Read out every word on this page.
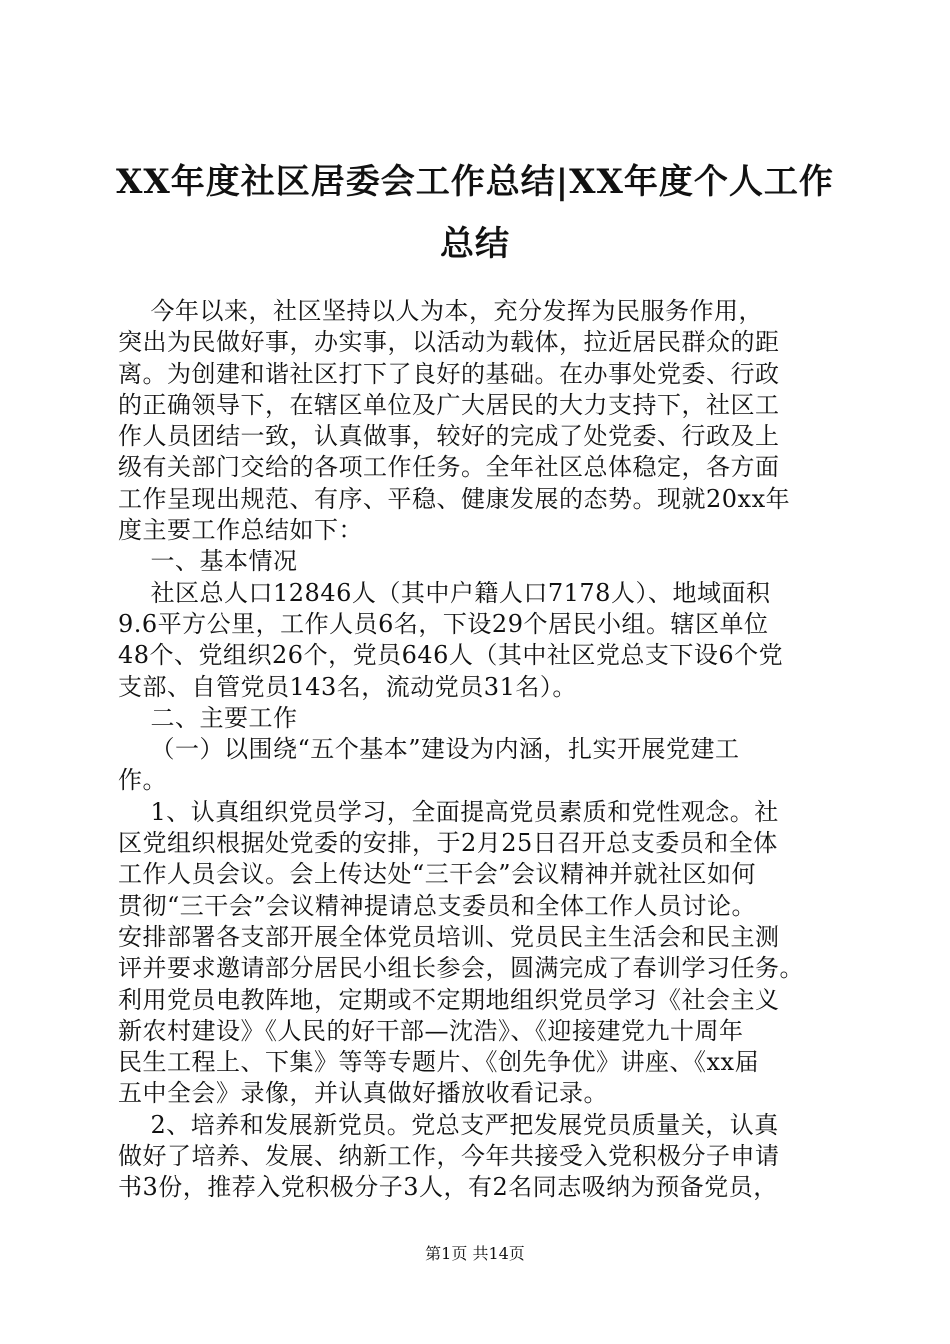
XX年度社区居委会工作总结|XX年度个人工作
总结
今年以来，社区坚持以人为本，充分发挥为民服务作用，
突出为民做好事，办实事，以活动为载体，拉近居民群众的距
离。为创建和谐社区打下了良好的基础。在办事处党委、行政
的正确领导下，在辖区单位及广大居民的大力支持下，社区工
作人员团结一致，认真做事，较好的完成了处党委、行政及上
级有关部门交给的各项工作任务。全年社区总体稳定，各方面
工作呈现出规范、有序、平稳、健康发展的态势。现就20xx年
度主要工作总结如下：
一、基本情况
社区总人口12846人（其中户籍人口7178人）、地域面积
9.6平方公里，工作人员6名，下设29个居民小组。辖区单位
48个、党组织26个，党员646人（其中社区党总支下设6个党
支部、自管党员143名，流动党员31名）。
二、主要工作
（一）以围绕“五个基本”建设为内涵，扎实开展党建工
作。
1、认真组织党员学习，全面提高党员素质和党性观念。社
区党组织根据处党委的安排，于2月25日召开总支委员和全体
工作人员会议。会上传达处“三干会”会议精神并就社区如何
贯彻“三干会”会议精神提请总支委员和全体工作人员讨论。
安排部署各支部开展全体党员培训、党员民主生活会和民主测
评并要求邀请部分居民小组长参会，圆满完成了春训学习任务。
利用党员电教阵地，定期或不定期地组织党员学习《社会主义
新农村建设》《人民的好干部—沈浩》、《迎接建党九十周年
民生工程上、下集》等等专题片、《创先争优》讲座、《xx届
五中全会》录像，并认真做好播放收看记录。
2、培养和发展新党员。党总支严把发展党员质量关，认真
做好了培养、发展、纳新工作，今年共接受入党积极分子申请
书3份，推荐入党积极分子3人，有2名同志吸纳为预备党员，
第1页 共14页
